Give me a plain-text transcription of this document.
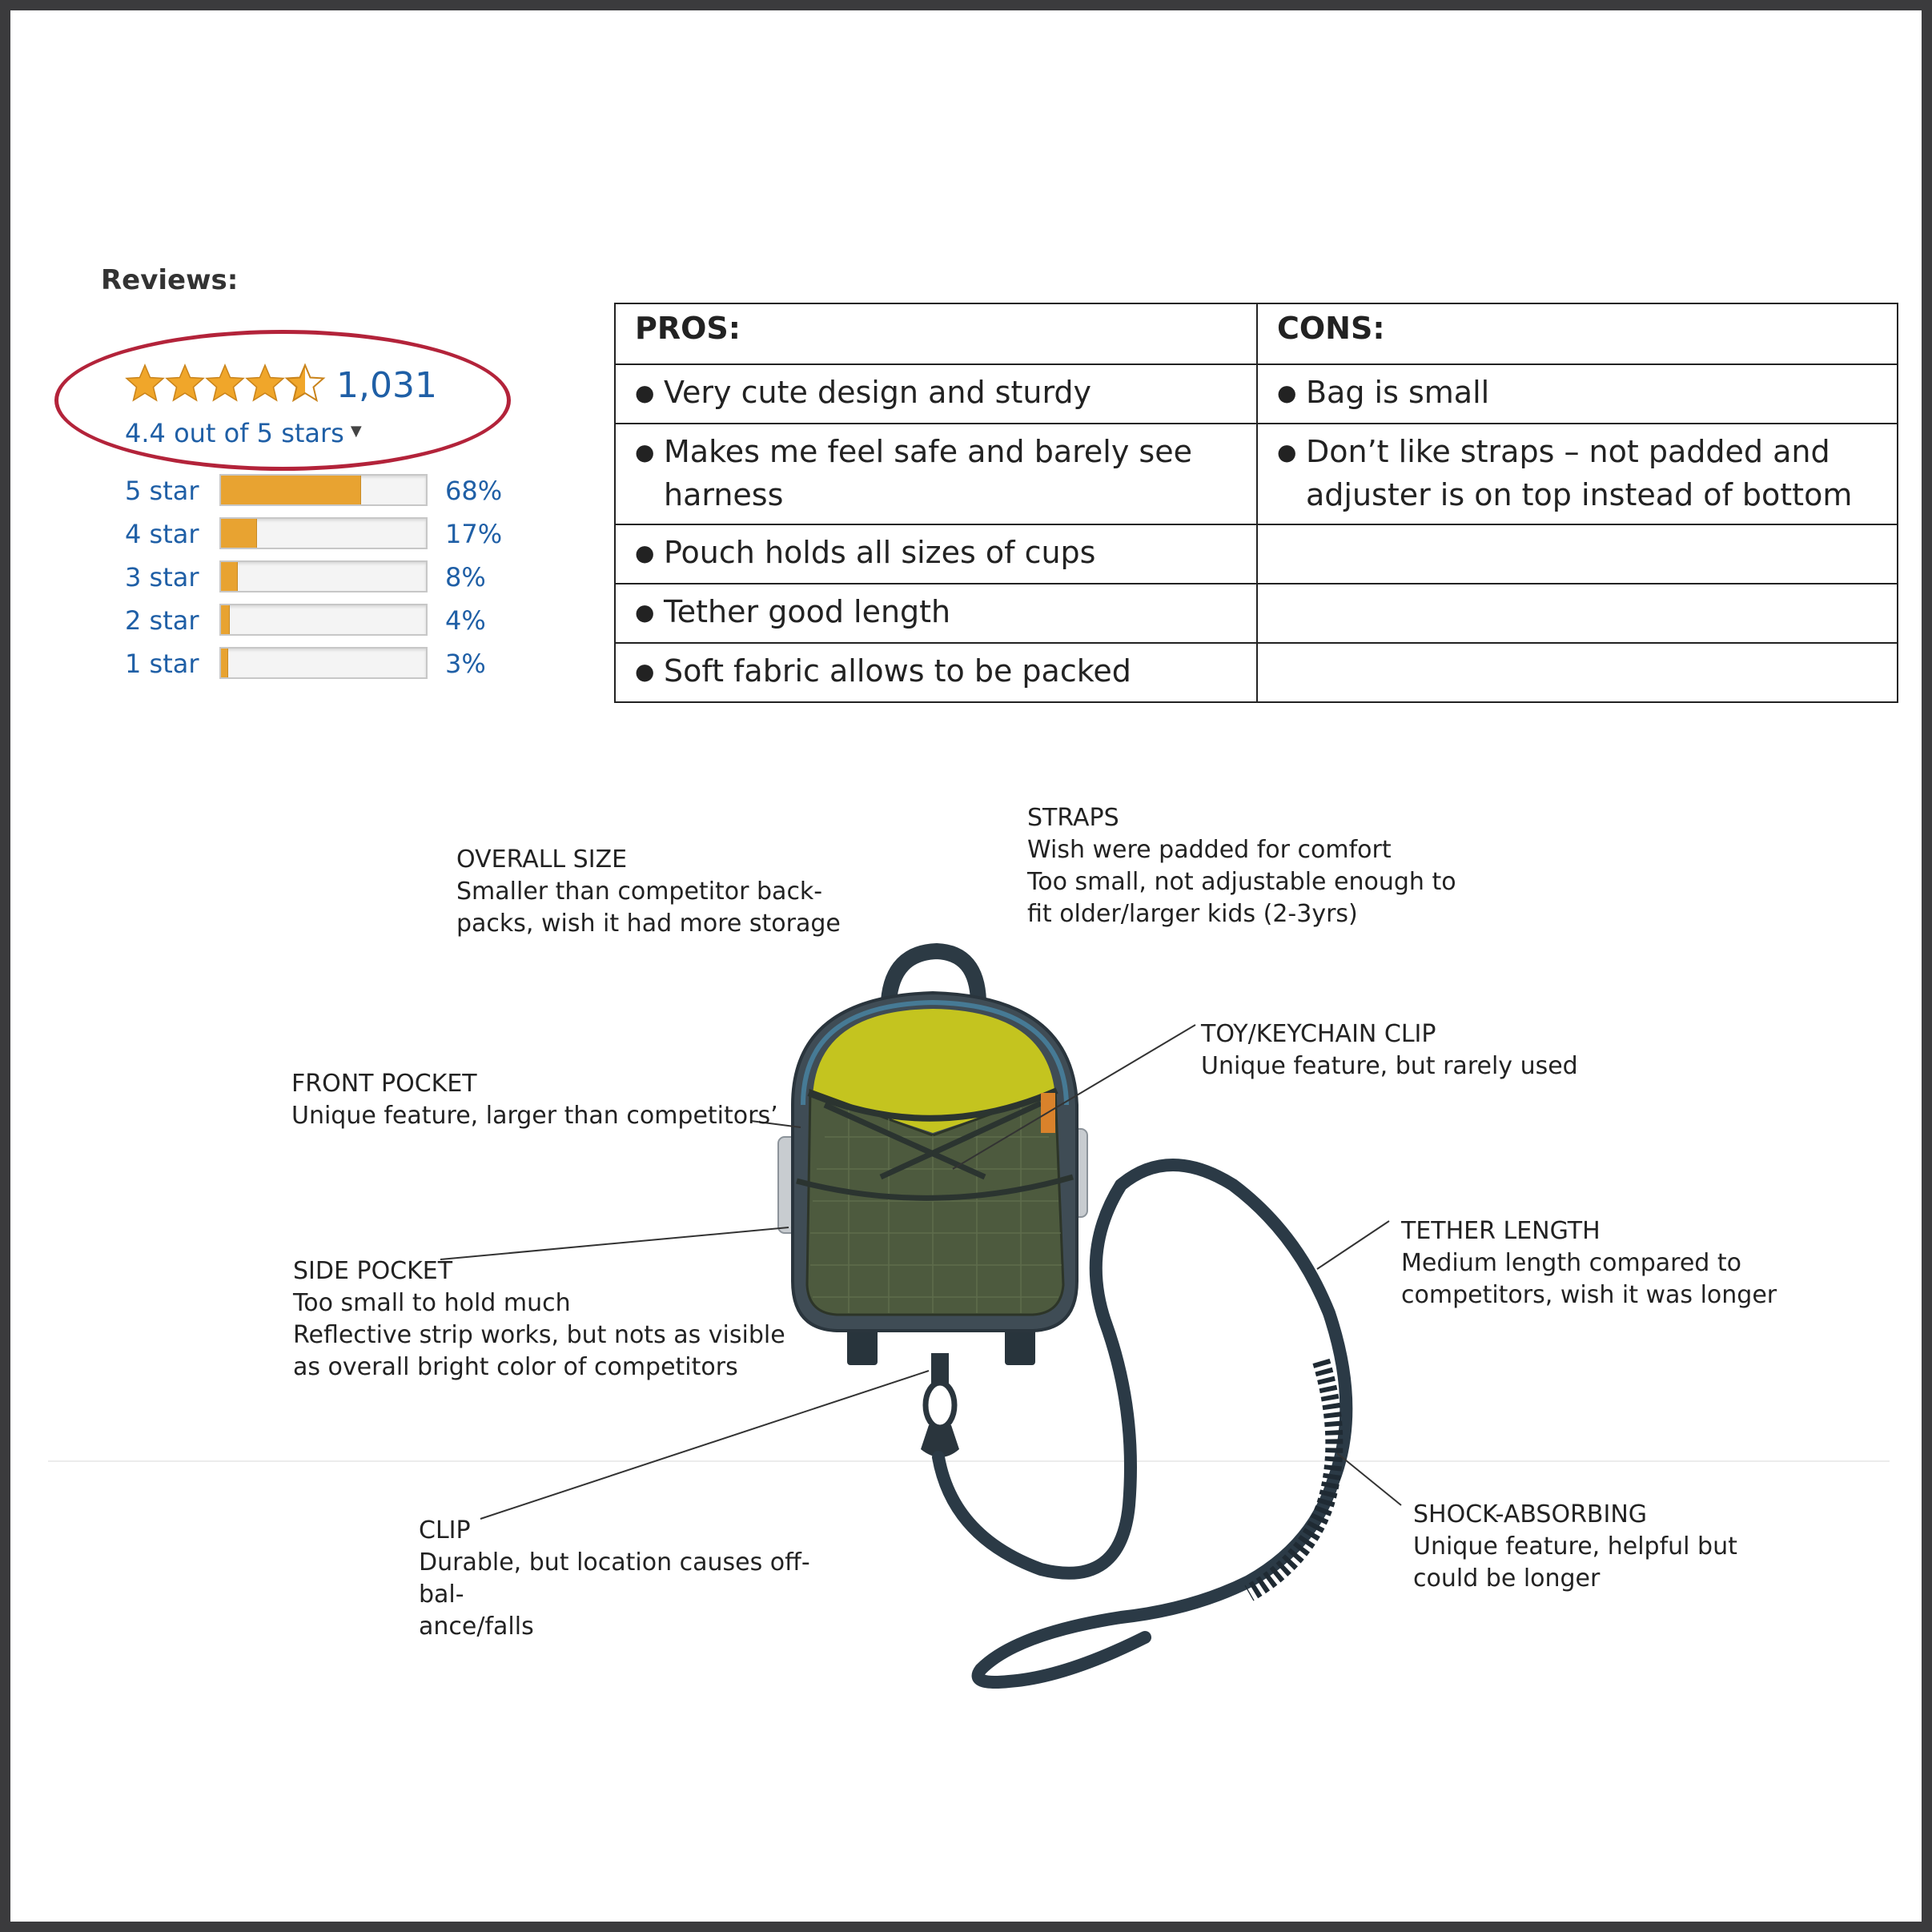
Reviews:
1,031
4.4 out of 5 stars ▼
5 star	68%
4 star	17%
3 star	8%
2 star	4%
1 star	3%
PROS:	CONS:

● Very cute design and sturdy	● Bag is small

● Makes me feel safe and barely see harness	● Don’t like straps – not padded and adjuster is on top instead of bottom

● Pouch holds all sizes of cups	

● Tether good length	

● Soft fabric allows to be packed	

OVERALL SIZE
Smaller than competitor back-packs, wish it had more storage
STRAPS
Wish were padded for comfort
Too small, not adjustable enough to
fit older/larger kids (2-3yrs)
TOY/KEYCHAIN CLIP
Unique feature, but rarely used
FRONT POCKET
Unique feature, larger than competitors’
SIDE POCKET
Too small to hold much
Reflective strip works, but nots as visible
as overall bright color of competitors
TETHER LENGTH
Medium length compared to
competitors, wish it was longer
SHOCK-ABSORBING
Unique feature, helpful but
could be longer
CLIP
Durable, but location causes off-bal-
ance/falls
